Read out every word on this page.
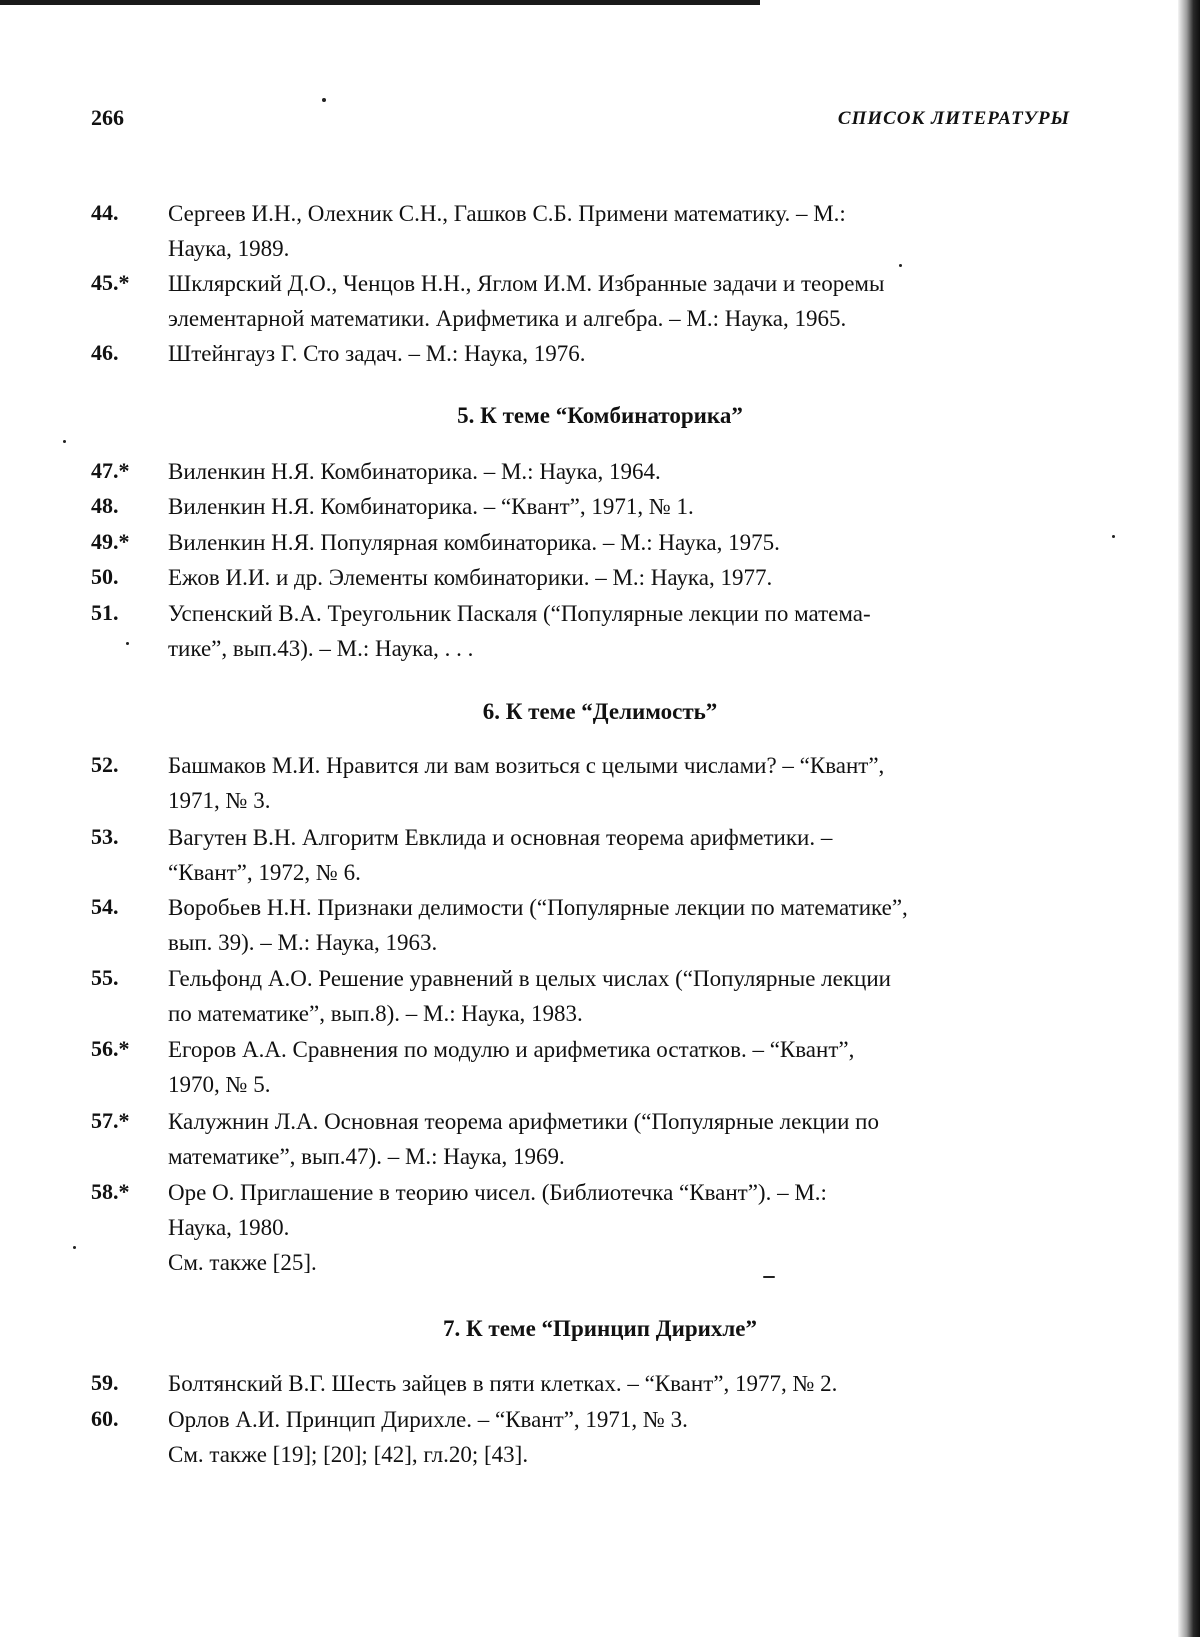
266	СПИСОК ЛИТЕРАТУРЫ
44. Сергеев И.Н., Олехник С.Н., Гашков С.Б. Примени математику. – М.:
Наука, 1989.
45.* Шклярский Д.О., Ченцов Н.Н., Яглом И.М. Избранные задачи и теоремы
элементарной математики. Арифметика и алгебра. – М.: Наука, 1965.
46. Штейнгауз Г. Сто задач. – М.: Наука, 1976.
5. К теме “Комбинаторика”
47.* Виленкин Н.Я. Комбинаторика. – М.: Наука, 1964.
48. Виленкин Н.Я. Комбинаторика. – “Квант”, 1971, № 1.
49.* Виленкин Н.Я. Популярная комбинаторика. – М.: Наука, 1975.
50. Ежов И.И. и др. Элементы комбинаторики. – М.: Наука, 1977.
51. Успенский В.А. Треугольник Паскаля (“Популярные лекции по матема-
тике”, вып.43). – М.: Наука, . . .
6. К теме “Делимость”
52. Башмаков М.И. Нравится ли вам возиться с целыми числами? – “Квант”,
1971, № 3.
53. Вагутен В.Н. Алгоритм Евклида и основная теорема арифметики. –
“Квант”, 1972, № 6.
54. Воробьев Н.Н. Признаки делимости (“Популярные лекции по математике”,
вып. 39). – М.: Наука, 1963.
55. Гельфонд А.О. Решение уравнений в целых числах (“Популярные лекции
по математике”, вып.8). – М.: Наука, 1983.
56.* Егоров А.А. Сравнения по модулю и арифметика остатков. – “Квант”,
1970, № 5.
57.* Калужнин Л.А. Основная теорема арифметики (“Популярные лекции по
математике”, вып.47). – М.: Наука, 1969.
58.* Оре О. Приглашение в теорию чисел. (Библиотечка “Квант”). – М.:
Наука, 1980.
См. также [25].
7. К теме “Принцип Дирихле”
59. Болтянский В.Г. Шесть зайцев в пяти клетках. – “Квант”, 1977, № 2.
60. Орлов А.И. Принцип Дирихле. – “Квант”, 1971, № 3.
См. также [19]; [20]; [42], гл.20; [43].
